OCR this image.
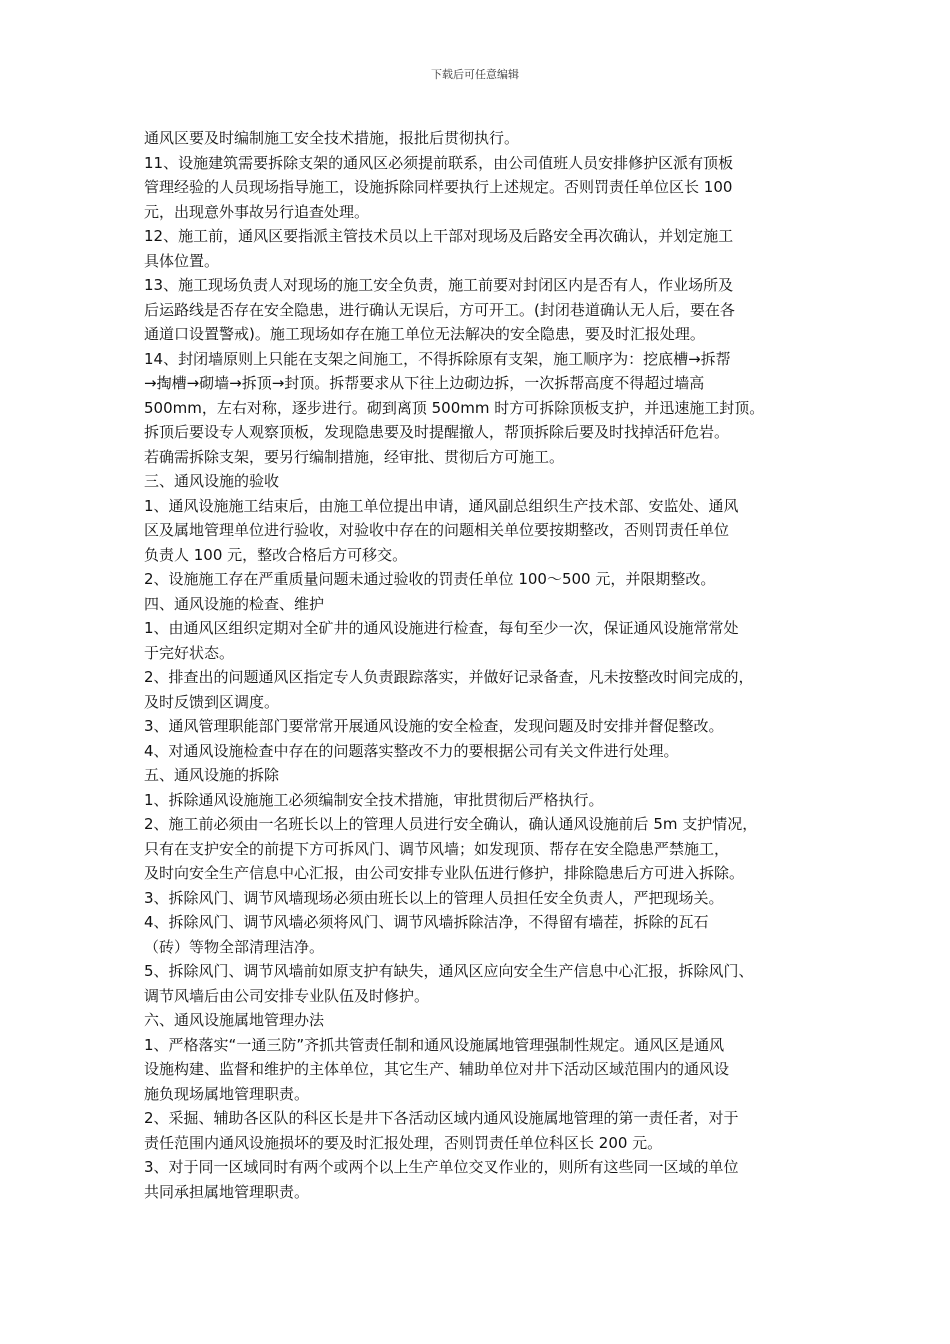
下载后可任意编辑
通风区要及时编制施工安全技术措施，报批后贯彻执行。
11、设施建筑需要拆除支架的通风区必须提前联系，由公司值班人员安排修护区派有顶板
管理经验的人员现场指导施工，设施拆除同样要执行上述规定。否则罚责任单位区长 100
元，出现意外事故另行追查处理。
12、施工前，通风区要指派主管技术员以上干部对现场及后路安全再次确认，并划定施工
具体位置。
13、施工现场负责人对现场的施工安全负责，施工前要对封闭区内是否有人，作业场所及
后运路线是否存在安全隐患，进行确认无误后，方可开工。(封闭巷道确认无人后，要在各
通道口设置警戒)。施工现场如存在施工单位无法解决的安全隐患，要及时汇报处理。
14、封闭墙原则上只能在支架之间施工，不得拆除原有支架，施工顺序为：挖底槽→拆帮
→掏槽→砌墙→拆顶→封顶。拆帮要求从下往上边砌边拆，一次拆帮高度不得超过墙高
500mm，左右对称，逐步进行。砌到离顶 500mm 时方可拆除顶板支护，并迅速施工封顶。
拆顶后要设专人观察顶板，发现隐患要及时提醒撤人，帮顶拆除后要及时找掉活矸危岩。
若确需拆除支架，要另行编制措施，经审批、贯彻后方可施工。
三、通风设施的验收
1、通风设施施工结束后，由施工单位提出申请，通风副总组织生产技术部、安监处、通风
区及属地管理单位进行验收，对验收中存在的问题相关单位要按期整改，否则罚责任单位
负责人 100 元，整改合格后方可移交。
2、设施施工存在严重质量问题未通过验收的罚责任单位 100～500 元，并限期整改。
四、通风设施的检查、维护
1、由通风区组织定期对全矿井的通风设施进行检查，每旬至少一次，保证通风设施常常处
于完好状态。
2、排查出的问题通风区指定专人负责跟踪落实，并做好记录备查，凡未按整改时间完成的，
及时反馈到区调度。
3、通风管理职能部门要常常开展通风设施的安全检查，发现问题及时安排并督促整改。
4、对通风设施检查中存在的问题落实整改不力的要根据公司有关文件进行处理。
五、通风设施的拆除
1、拆除通风设施施工必须编制安全技术措施，审批贯彻后严格执行。
2、施工前必须由一名班长以上的管理人员进行安全确认，确认通风设施前后 5m 支护情况，
只有在支护安全的前提下方可拆风门、调节风墙；如发现顶、帮存在安全隐患严禁施工，
及时向安全生产信息中心汇报，由公司安排专业队伍进行修护，排除隐患后方可进入拆除。
3、拆除风门、调节风墙现场必须由班长以上的管理人员担任安全负责人，严把现场关。
4、拆除风门、调节风墙必须将风门、调节风墙拆除洁净，不得留有墙茬，拆除的瓦石
（砖）等物全部清理洁净。
5、拆除风门、调节风墙前如原支护有缺失，通风区应向安全生产信息中心汇报，拆除风门、
调节风墙后由公司安排专业队伍及时修护。
六、通风设施属地管理办法
1、严格落实“一通三防”齐抓共管责任制和通风设施属地管理强制性规定。通风区是通风
设施构建、监督和维护的主体单位，其它生产、辅助单位对井下活动区域范围内的通风设
施负现场属地管理职责。
2、采掘、辅助各区队的科区长是井下各活动区域内通风设施属地管理的第一责任者，对于
责任范围内通风设施损坏的要及时汇报处理，否则罚责任单位科区长 200 元。
3、对于同一区域同时有两个或两个以上生产单位交叉作业的，则所有这些同一区域的单位
共同承担属地管理职责。
